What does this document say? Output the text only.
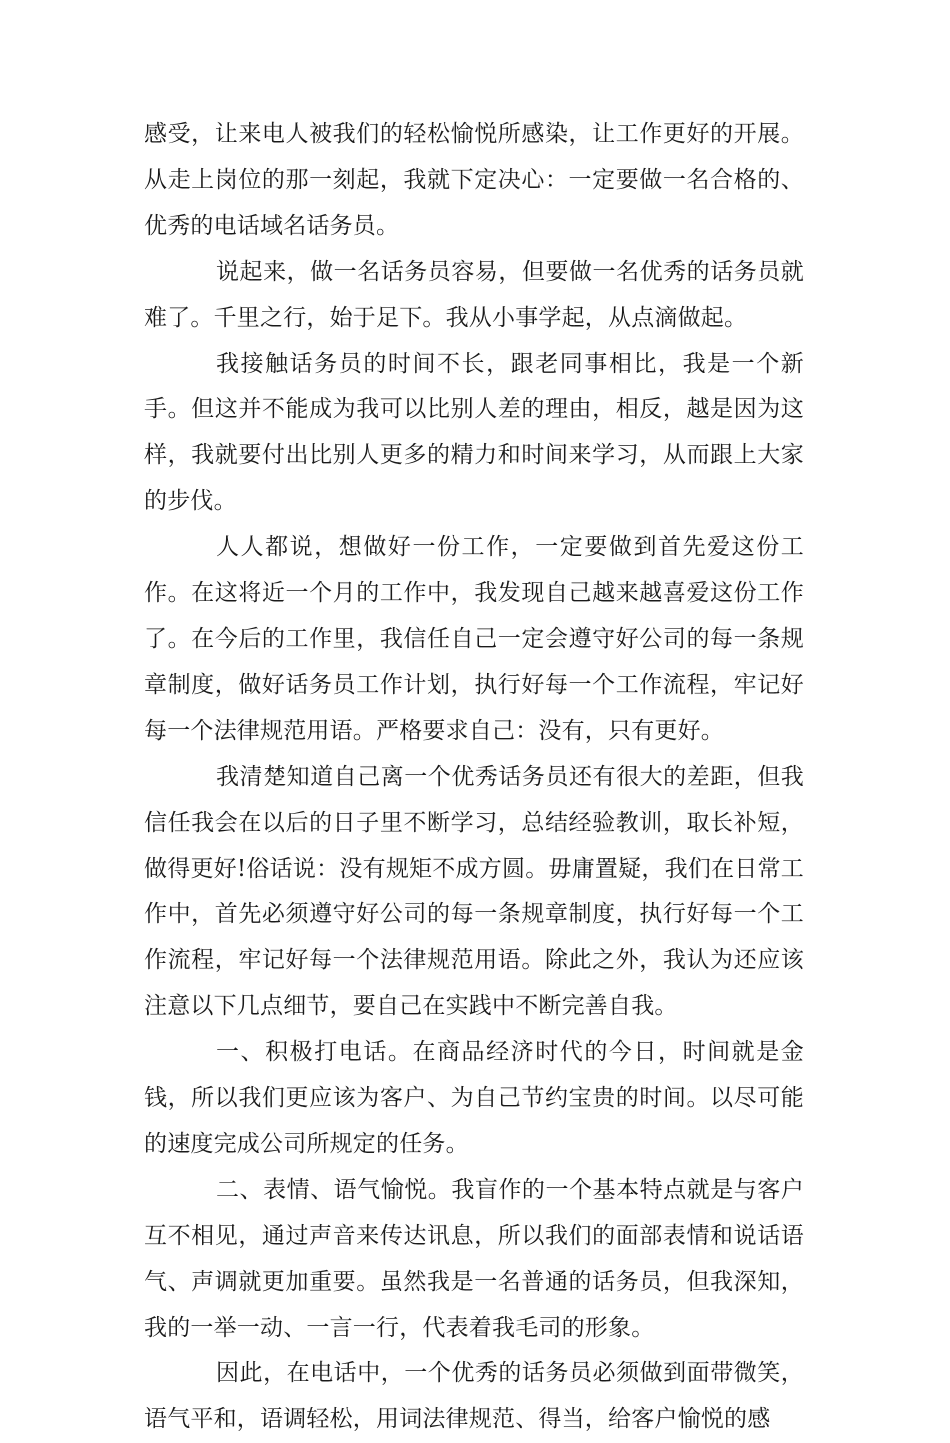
感受，让来电人被我们的轻松愉悦所感染，让工作更好的开展。从走上岗位的那一刻起，我就下定决心：一定要做一名合格的、优秀的电话域名话务员。

说起来，做一名话务员容易，但要做一名优秀的话务员就难了。千里之行，始于足下。我从小事学起，从点滴做起。

我接触话务员的时间不长，跟老同事相比，我是一个新手。但这并不能成为我可以比别人差的理由，相反，越是因为这样，我就要付出比别人更多的精力和时间来学习，从而跟上大家的步伐。

人人都说，想做好一份工作，一定要做到首先爱这份工作。在这将近一个月的工作中，我发现自己越来越喜爱这份工作了。在今后的工作里，我信任自己一定会遵守好公司的每一条规章制度，做好话务员工作计划，执行好每一个工作流程，牢记好每一个法律规范用语。严格要求自己：没有，只有更好。

我清楚知道自己离一个优秀话务员还有很大的差距，但我信任我会在以后的日子里不断学习，总结经验教训，取长补短，做得更好!俗话说：没有规矩不成方圆。毋庸置疑，我们在日常工作中，首先必须遵守好公司的每一条规章制度，执行好每一个工作流程，牢记好每一个法律规范用语。除此之外，我认为还应该注意以下几点细节，要自己在实践中不断完善自我。

一、积极打电话。在商品经济时代的今日，时间就是金钱，所以我们更应该为客户、为自己节约宝贵的时间。以尽可能的速度完成公司所规定的任务。

二、表情、语气愉悦。我盲作的一个基本特点就是与客户互不相见，通过声音来传达讯息，所以我们的面部表情和说话语气、声调就更加重要。虽然我是一名普通的话务员，但我深知，我的一举一动、一言一行，代表着我毛司的形象。

因此，在电话中，一个优秀的话务员必须做到面带微笑，语气平和，语调轻松，用词法律规范、得当，给客户愉悦的感
